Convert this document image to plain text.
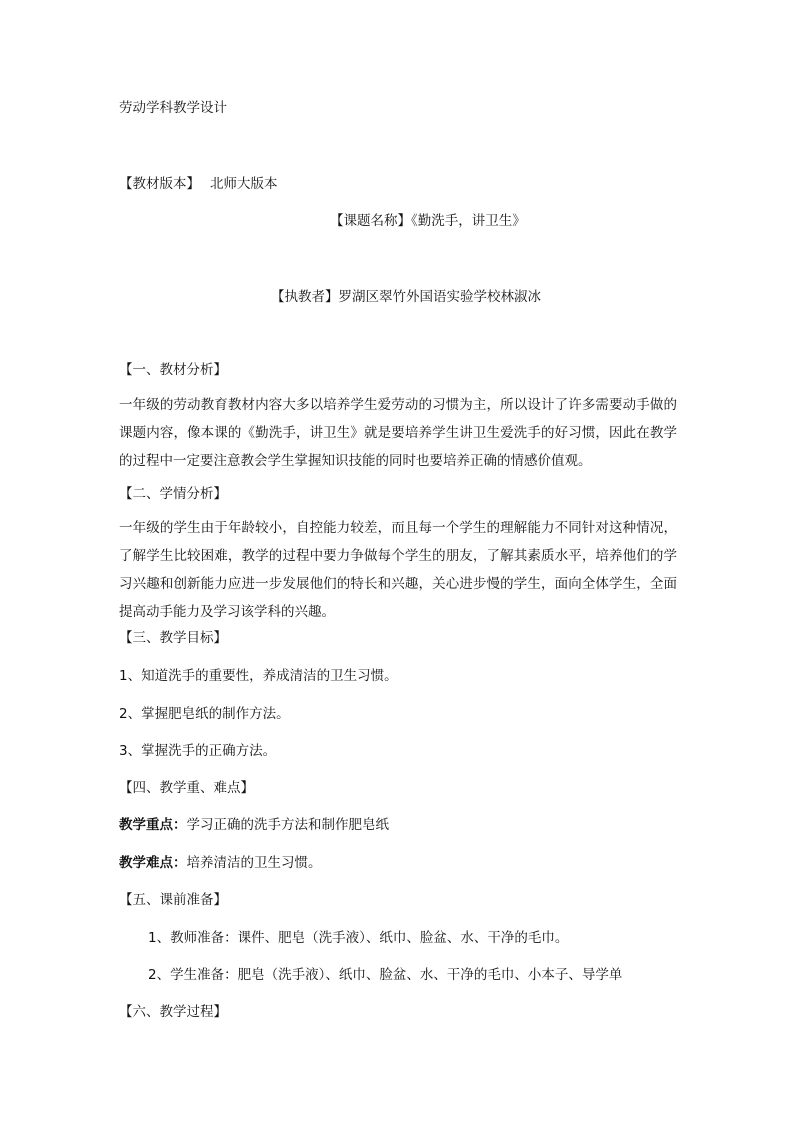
劳动学科教学设计
【教材版本】 北师大版本
【课题名称】《勤洗手，讲卫生》
【执教者】罗湖区翠竹外国语实验学校林淑冰
【一、教材分析】
一年级的劳动教育教材内容大多以培养学生爱劳动的习惯为主，所以设计了许多需要动手做的课题内容，像本课的《勤洗手，讲卫生》就是要培养学生讲卫生爱洗手的好习惯，因此在教学的过程中一定要注意教会学生掌握知识技能的同时也要培养正确的情感价值观。
【二、学情分析】
一年级的学生由于年龄较小，自控能力较差，而且每一个学生的理解能力不同针对这种情况，了解学生比较困难，教学的过程中要力争做每个学生的朋友，了解其素质水平，培养他们的学习兴趣和创新能力应进一步发展他们的特长和兴趣，关心进步慢的学生，面向全体学生，全面提高动手能力及学习该学科的兴趣。
【三、教学目标】
1、知道洗手的重要性，养成清洁的卫生习惯。
2、掌握肥皂纸的制作方法。
3、掌握洗手的正确方法。
【四、教学重、难点】
教学重点：学习正确的洗手方法和制作肥皂纸
教学难点：培养清洁的卫生习惯。
【五、课前准备】
1、教师准备：课件、肥皂（洗手液）、纸巾、脸盆、水、干净的毛巾。
2、学生准备：肥皂（洗手液）、纸巾、脸盆、水、干净的毛巾、小本子、导学单
【六、教学过程】
